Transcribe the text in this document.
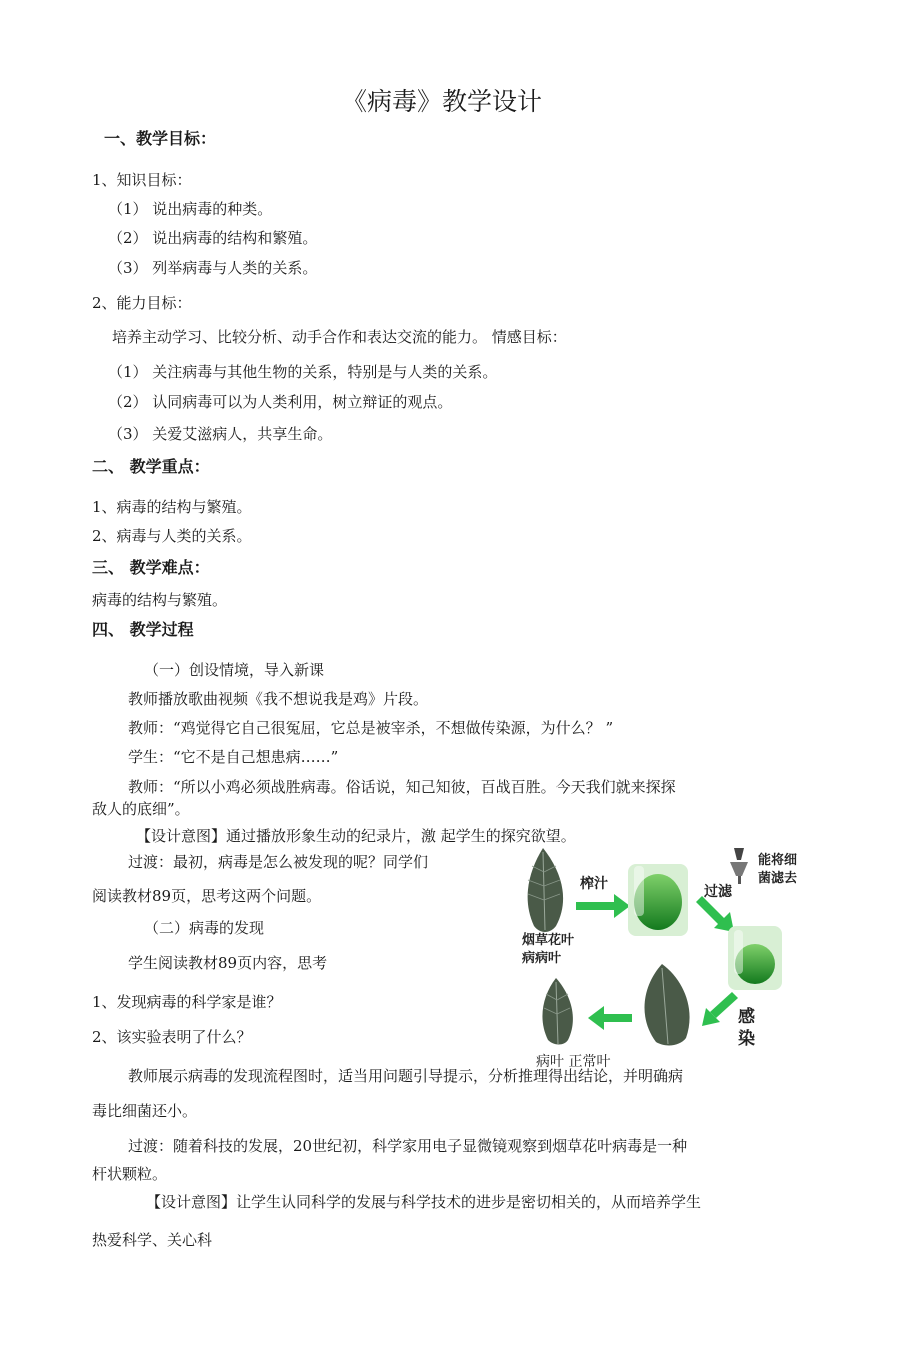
《病毒》教学设计
一、教学目标：
1、知识目标：
（1） 说出病毒的种类。
（2） 说出病毒的结构和繁殖。
（3） 列举病毒与人类的关系。
2、能力目标：
培养主动学习、比较分析、动手合作和表达交流的能力。 情感目标：
（1） 关注病毒与其他生物的关系，特别是与人类的关系。
（2） 认同病毒可以为人类利用，树立辩证的观点。
（3） 关爱艾滋病人，共享生命。
二、 教学重点：
1、病毒的结构与繁殖。
2、病毒与人类的关系。
三、 教学难点：
病毒的结构与繁殖。
四、 教学过程
（一）创设情境，导入新课
教师播放歌曲视频《我不想说我是鸡》片段。
教师：“鸡觉得它自己很冤屈，它总是被宰杀，不想做传染源，为什么？ ”
学生：“它不是自己想患病……”
教师：“所以小鸡必须战胜病毒。俗话说，知己知彼，百战百胜。今天我们就来探探
敌人的底细”。
【设计意图】通过播放形象生动的纪录片，激 起学生的探究欲望。
过渡：最初，病毒是怎么被发现的呢？同学们
阅读教材89页，思考这两个问题。
（二）病毒的发现
学生阅读教材89页内容，思考
1、发现病毒的科学家是谁？
2、该实验表明了什么？
教师展示病毒的发现流程图时，适当用问题引导提示，分析推理得出结论，并明确病
毒比细菌还小。
过渡：随着科技的发展，20世纪初，科学家用电子显微镜观察到烟草花叶病毒是一种
杆状颗粒。
【设计意图】让学生认同科学的发展与科学技术的进步是密切相关的，从而培养学生
热爱科学、关心科
烟草花叶
病病叶
榨汁
能将细
菌滤去
过滤
感
染
病叶 正常叶
